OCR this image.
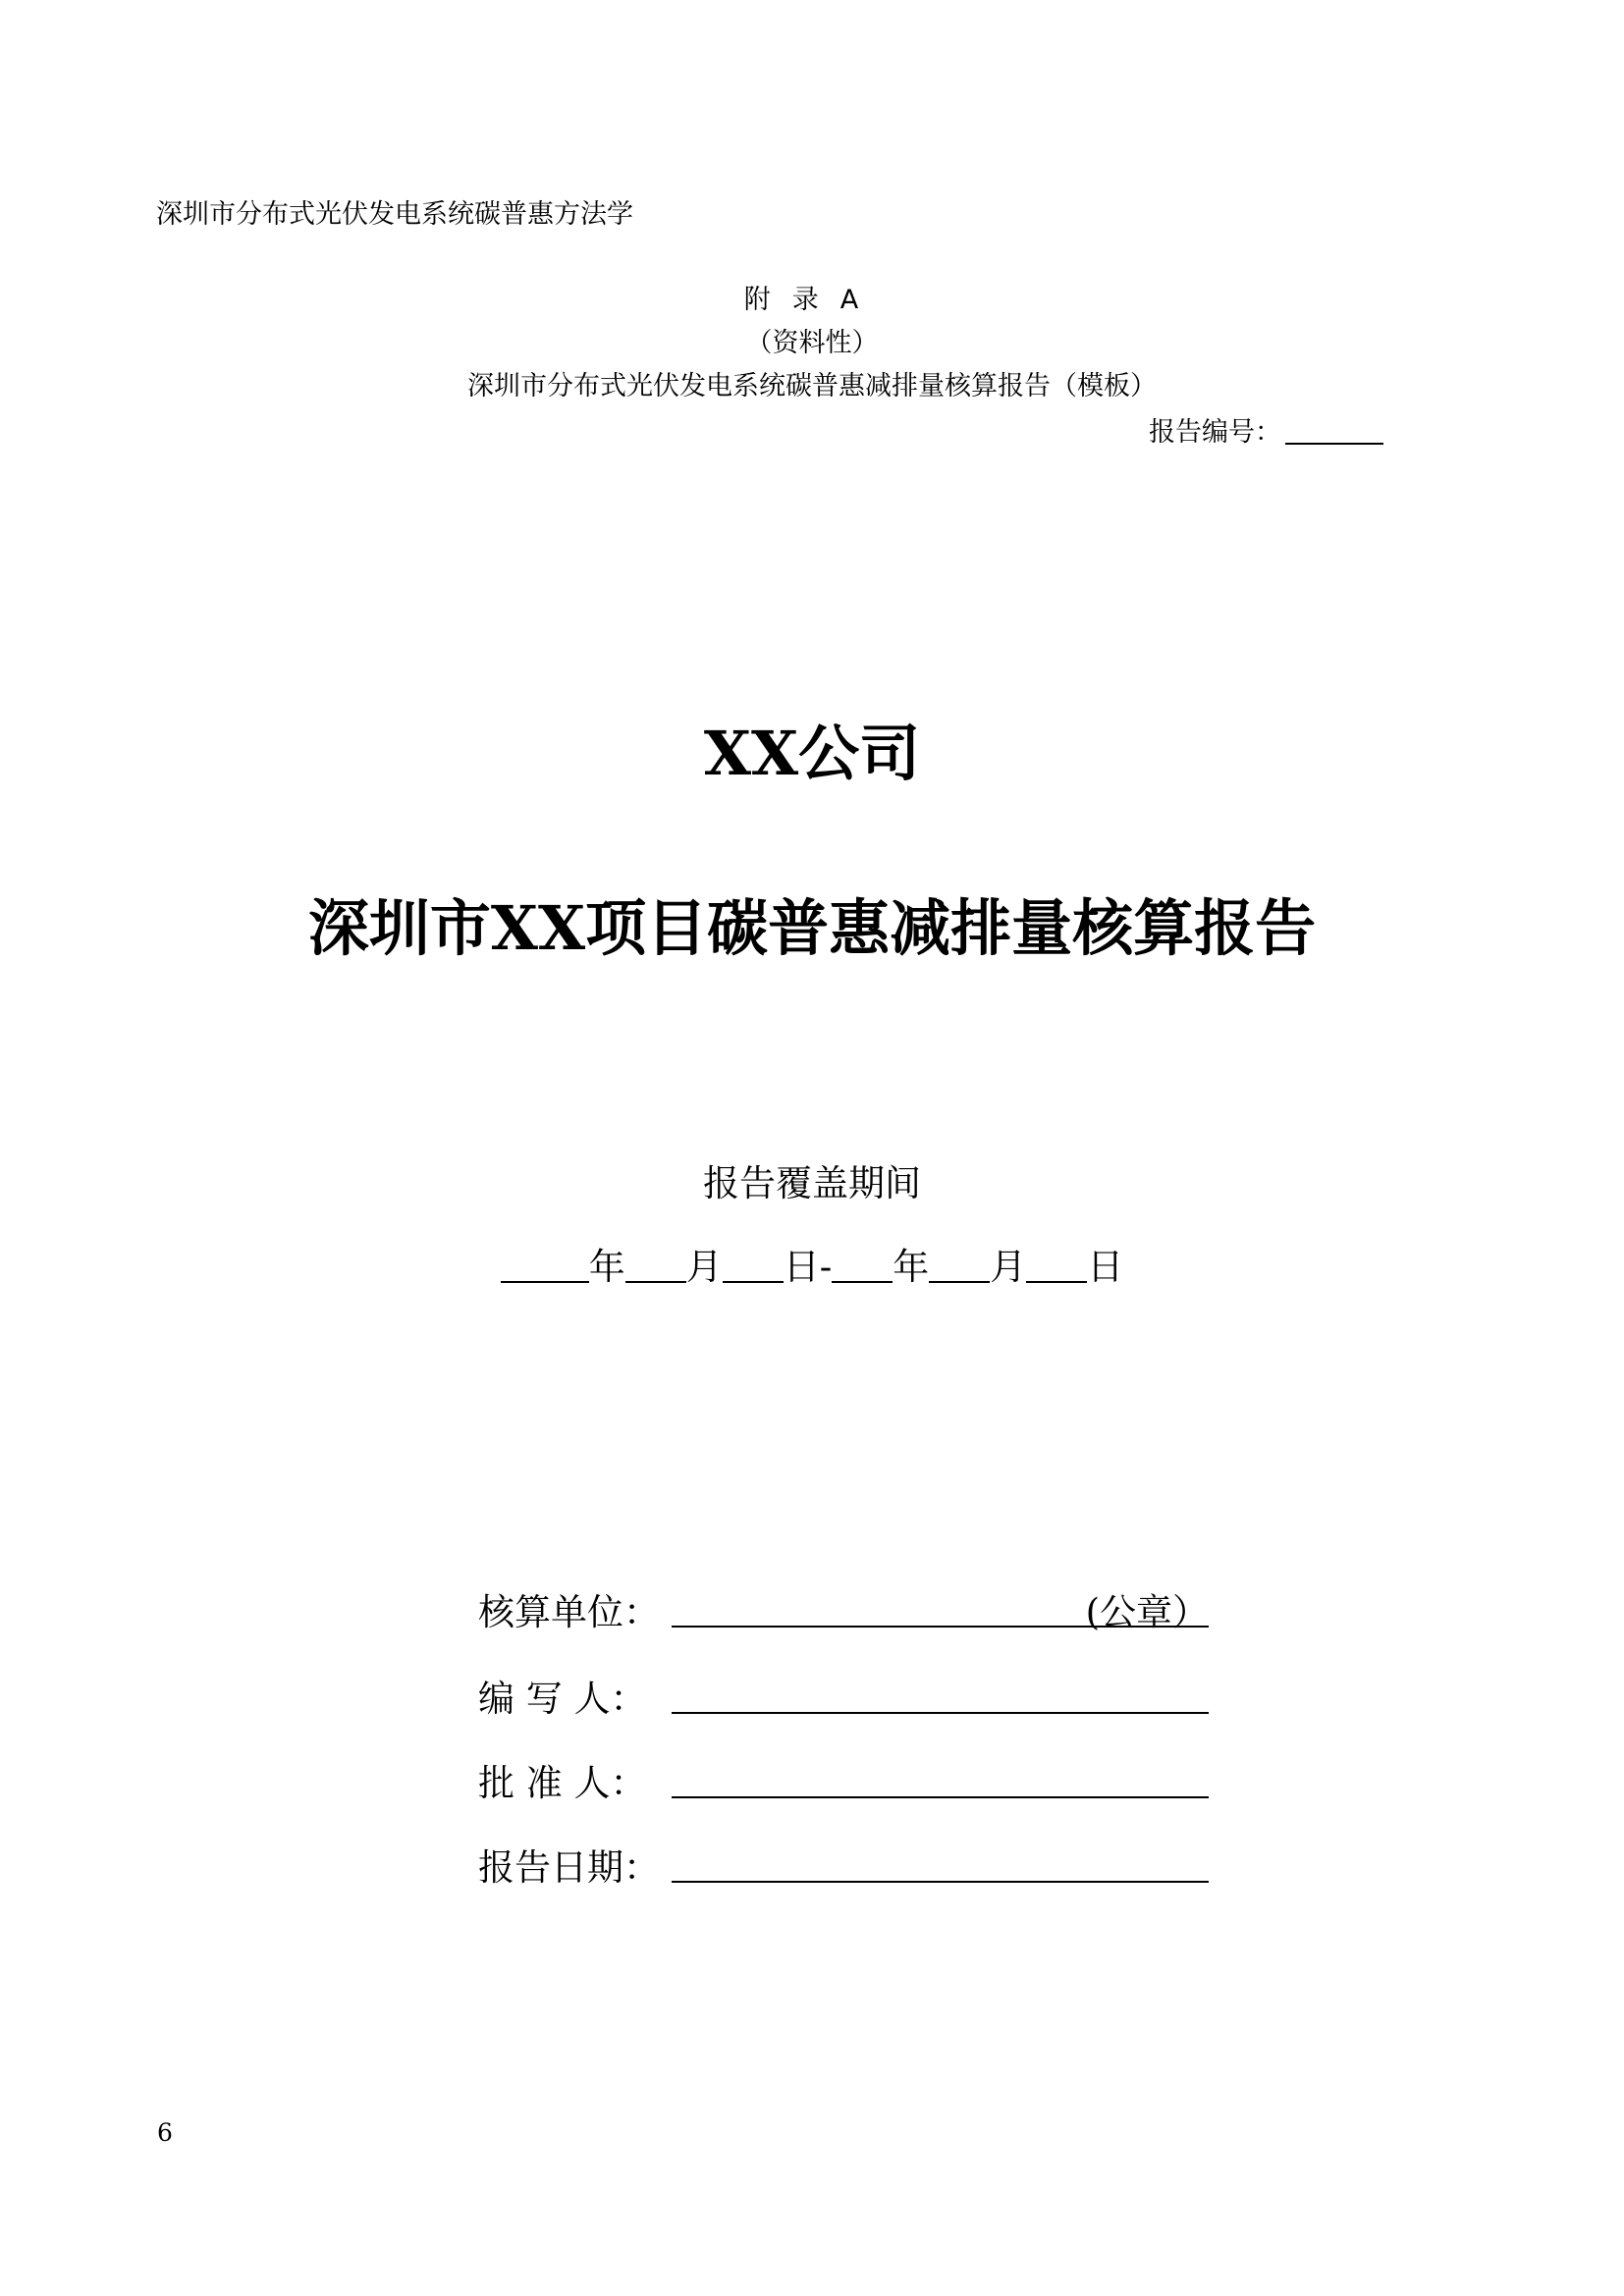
深圳市分布式光伏发电系统碳普惠方法学
附录A
（资料性）
深圳市分布式光伏发电系统碳普惠减排量核算报告（模板）
报告编号：
XX公司
深圳市XX项目碳普惠减排量核算报告
报告覆盖期间
年 月 日- 年 月 日
核算单位：	(公章）
编 写 人：
批 准 人：
报告日期：
6
